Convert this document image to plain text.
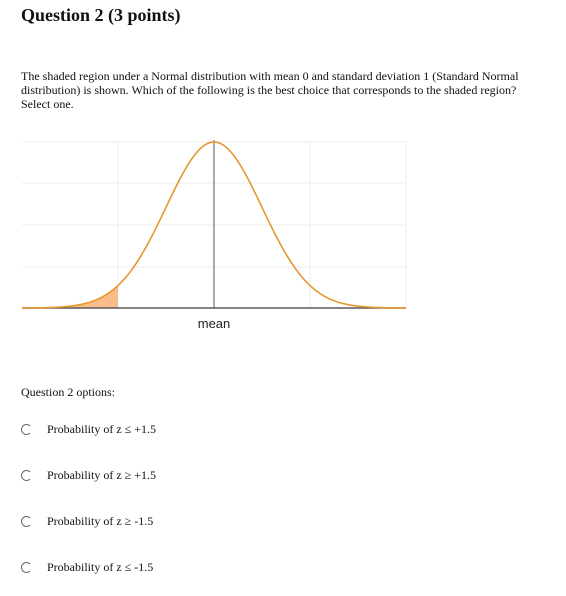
Question 2 (3 points)

The shaded region under a Normal distribution with mean 0 and standard deviation 1 (Standard Normal distribution) is shown. Which of the following is the best choice that corresponds to the shaded region? Select one.

mean

Question 2 options:

Probability of z ≤ +1.5
Probability of z ≥ +1.5
Probability of z ≥ -1.5
Probability of z ≤ -1.5
